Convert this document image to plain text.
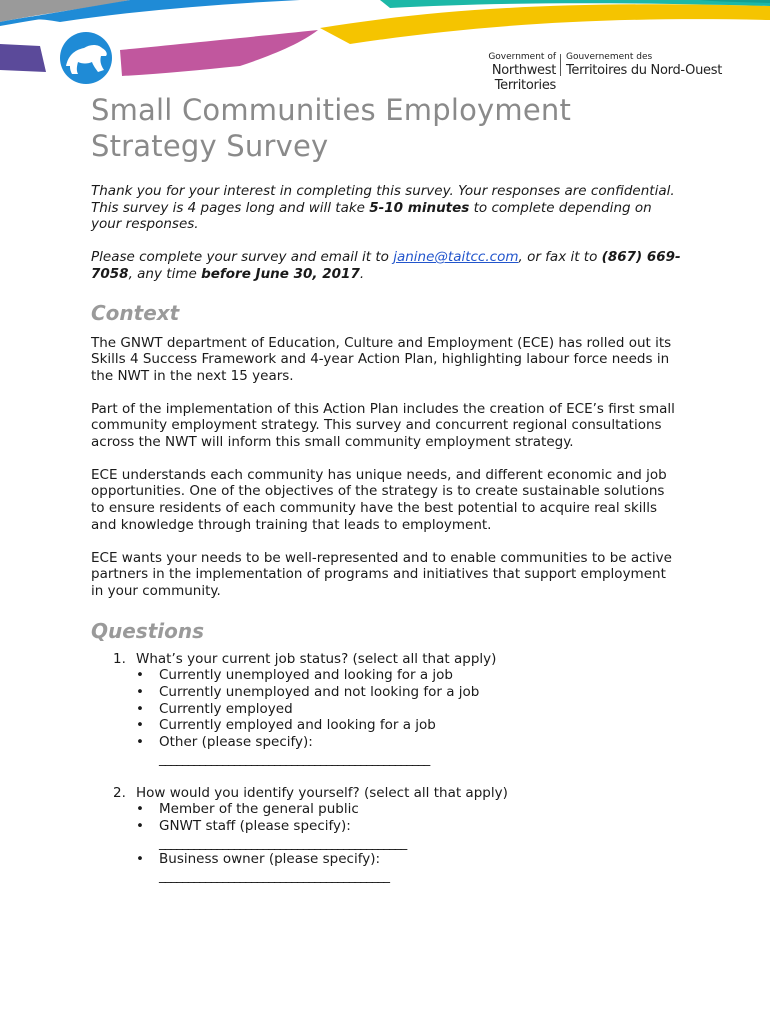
Government of
Northwest Territories
Gouvernement des
Territoires du Nord-Ouest
Small Communities Employment
Strategy Survey

Thank you for your interest in completing this survey. Your responses are confidential. This survey is 4 pages long and will take 5-10 minutes to complete depending on your responses.

Please complete your survey and email it to janine@taitcc.com, or fax it to (867) 669-7058, any time before June 30, 2017.

Context

The GNWT department of Education, Culture and Employment (ECE) has rolled out its Skills 4 Success Framework and 4-year Action Plan, highlighting labour force needs in the NWT in the next 15 years.

Part of the implementation of this Action Plan includes the creation of ECE’s first small community employment strategy. This survey and concurrent regional consultations across the NWT will inform this small community employment strategy.

ECE understands each community has unique needs, and different economic and job opportunities. One of the objectives of the strategy is to create sustainable solutions to ensure residents of each community have the best potential to acquire real skills and knowledge through training that leads to employment.

ECE wants your needs to be well-represented and to enable communities to be active partners in the implementation of programs and initiatives that support employment in your community.

Questions
1. What’s your current job status? (select all that apply)
• Currently unemployed and looking for a job
• Currently unemployed and not looking for a job
• Currently employed
• Currently employed and looking for a job
• Other (please specify):
_______________________________________________
2. How would you identify yourself? (select all that apply)
• Member of the general public
• GNWT staff (please specify):
___________________________________________
• Business owner (please specify):
________________________________________
